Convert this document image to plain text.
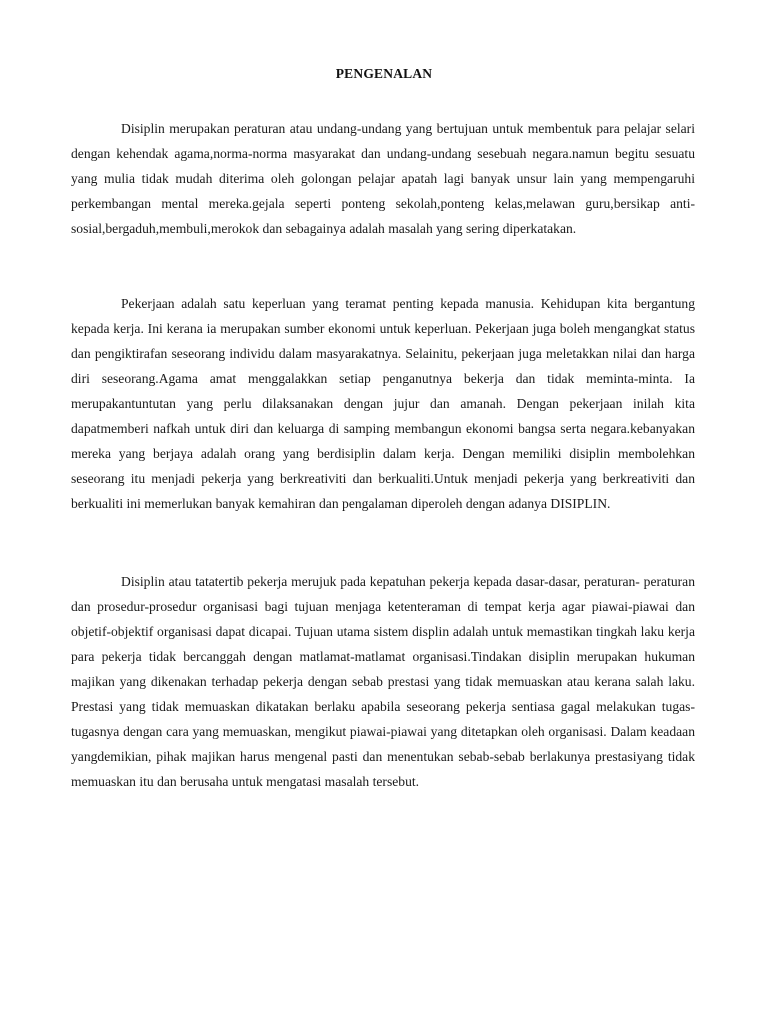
PENGENALAN

Disiplin merupakan peraturan atau undang-undang yang bertujuan untuk membentuk para pelajar selari dengan kehendak agama,norma-norma masyarakat dan undang-undang sesebuah negara.namun begitu sesuatu yang mulia tidak mudah diterima oleh golongan pelajar apatah lagi banyak unsur lain yang mempengaruhi perkembangan mental mereka.gejala seperti ponteng sekolah,ponteng kelas,melawan guru,bersikap anti-sosial,bergaduh,membuli,merokok dan sebagainya adalah masalah yang sering diperkatakan.

Pekerjaan adalah satu keperluan yang teramat penting kepada manusia. Kehidupan kita bergantung kepada kerja. Ini kerana ia merupakan sumber ekonomi untuk keperluan. Pekerjaan juga boleh mengangkat status dan pengiktirafan seseorang individu dalam masyarakatnya. Selainitu, pekerjaan juga meletakkan nilai dan harga diri seseorang.Agama amat menggalakkan setiap penganutnya bekerja dan tidak meminta-minta. Ia merupakantuntutan yang perlu dilaksanakan dengan jujur dan amanah. Dengan pekerjaan inilah kita dapatmemberi nafkah untuk diri dan keluarga di samping membangun ekonomi bangsa serta negara.kebanyakan mereka yang berjaya adalah orang yang berdisiplin dalam kerja. Dengan memiliki disiplin membolehkan seseorang itu menjadi pekerja yang berkreativiti dan berkualiti.Untuk menjadi pekerja yang berkreativiti dan berkualiti ini memerlukan banyak kemahiran dan pengalaman diperoleh dengan adanya DISIPLIN.

Disiplin atau tatatertib pekerja merujuk pada kepatuhan pekerja kepada dasar-dasar, peraturan- peraturan dan prosedur-prosedur organisasi bagi tujuan menjaga ketenteraman di tempat kerja agar piawai-piawai dan objetif-objektif organisasi dapat dicapai. Tujuan utama sistem displin adalah untuk memastikan tingkah laku kerja para pekerja tidak bercanggah dengan matlamat-matlamat organisasi.Tindakan disiplin merupakan hukuman majikan yang dikenakan terhadap pekerja dengan sebab prestasi yang tidak memuaskan atau kerana salah laku. Prestasi yang tidak memuaskan dikatakan berlaku apabila seseorang pekerja sentiasa gagal melakukan tugas-tugasnya dengan cara yang memuaskan, mengikut piawai-piawai yang ditetapkan oleh organisasi. Dalam keadaan yangdemikian, pihak majikan harus mengenal pasti dan menentukan sebab-sebab berlakunya prestasiyang tidak memuaskan itu dan berusaha untuk mengatasi masalah tersebut.
